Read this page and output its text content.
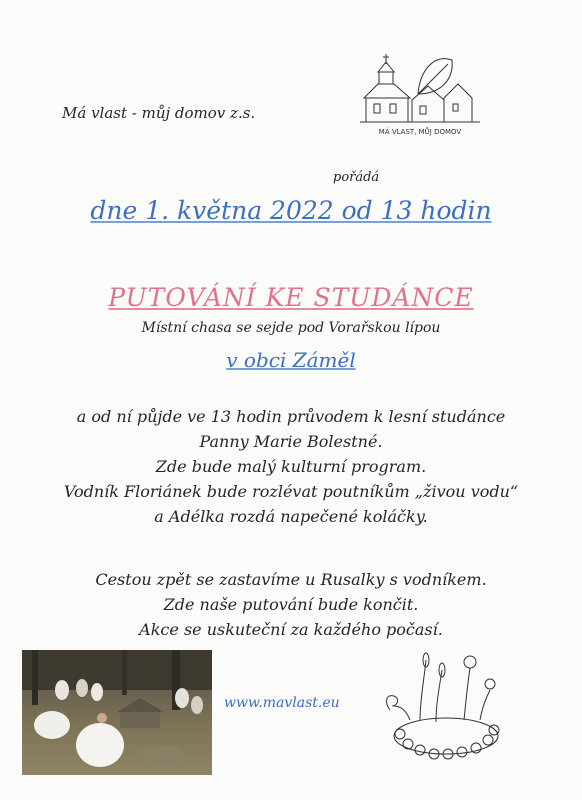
Má vlast - můj domov z.s.
MÁ VLAST, MŮJ DOMOV
pořádá
dne 1. května 2022 od 13 hodin
PUTOVÁNÍ KE STUDÁNCE
Místní chasa se sejde pod Vorařskou lípou
v obci Záměl
a od ní půjde ve 13 hodin průvodem k lesní studánce
Panny Marie Bolestné.
Zde bude malý kulturní program.
Vodník Floriánek bude rozlévat poutníkům „živou vodu“
a Adélka rozdá napečené koláčky.
Cestou zpět se zastavíme u Rusalky s vodníkem.
Zde naše putování bude končit.
Akce se uskuteční za každého počasí.
www.mavlast.eu
